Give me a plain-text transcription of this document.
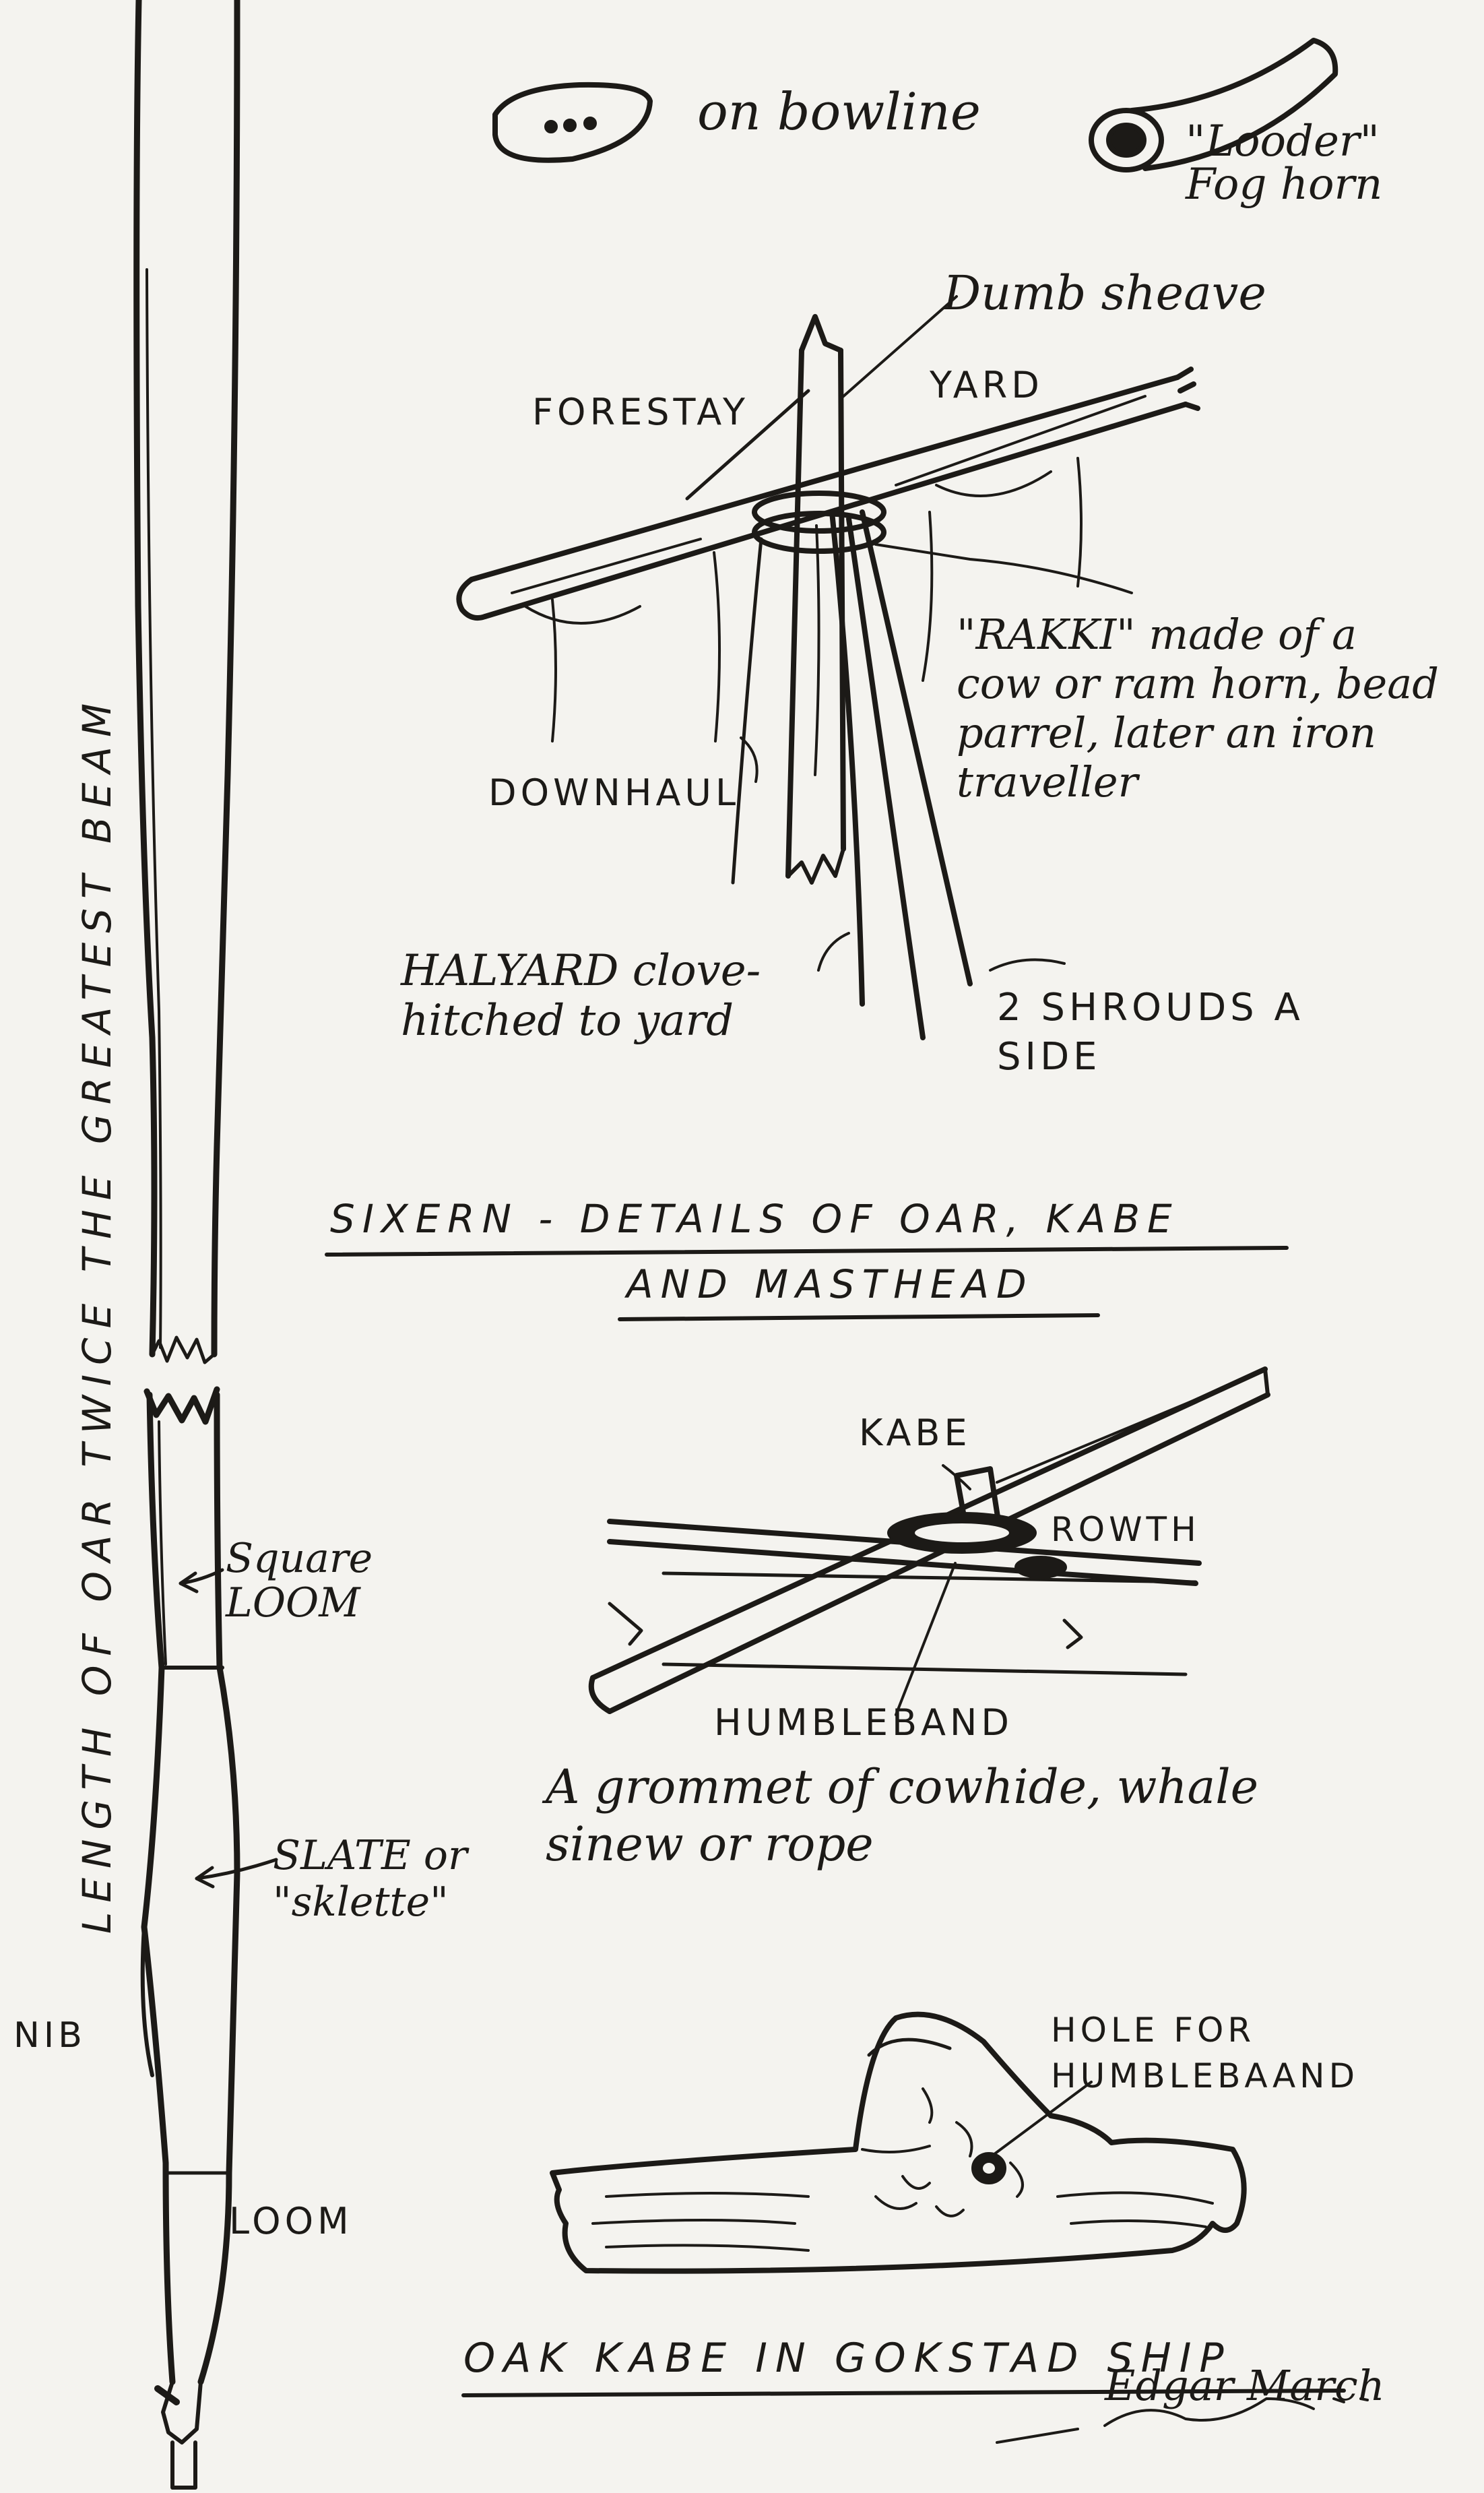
on bowline	"Looder" Fog horn
Dumb sheave
FORESTAY
YARD
"RAKKI" made of a cow or ram horn, bead parrel, later an iron traveller
DOWNHAUL
HALYARD clove-hitched to yard	2 SHROUDS A SIDE
SIXERN - DETAILS OF OAR, KABE
AND MASTHEAD
KABE
ROWTH
HUMBLEBAND
A grommet of cowhide, whale sinew or rope
HOLE FOR HUMBLEBAAND
OAK KABE IN GOKSTAD SHIP
Edgar March
LENGTH OF OAR TWICE THE GREATEST BEAM	Square LOOM
SLATE or "sklette"
NIB
LOOM
